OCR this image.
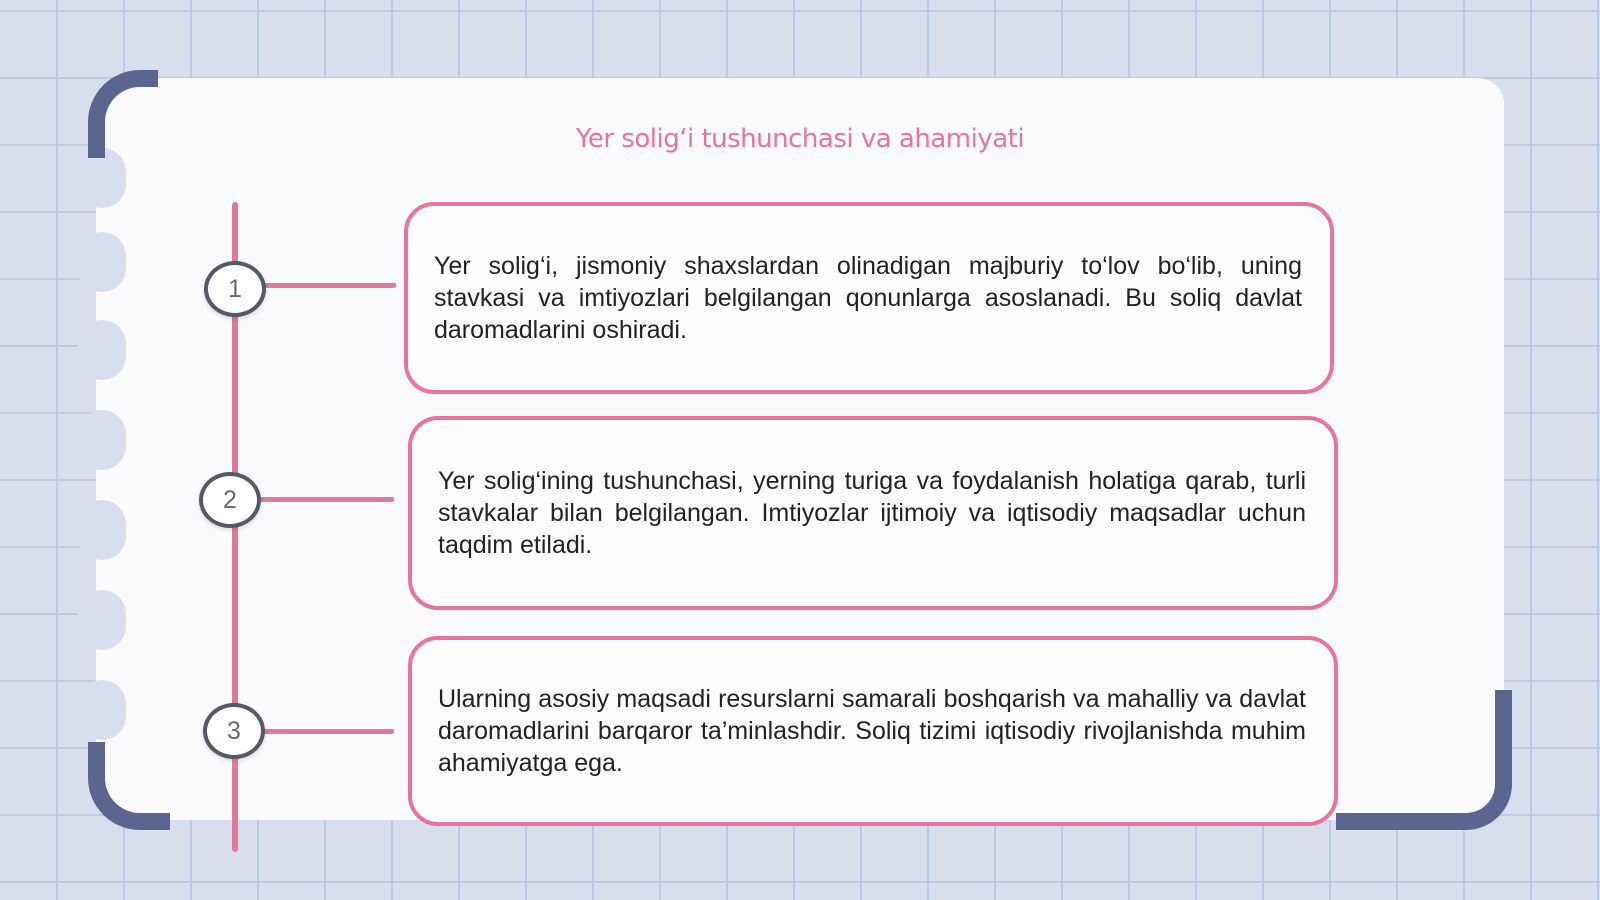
Yer solig‘i tushunchasi va ahamiyati
1
Yer solig‘i, jismoniy shaxslardan olinadigan majburiy to‘lov bo‘lib, uning stavkasi va imtiyozlari belgilangan qonunlarga asoslanadi. Bu soliq davlat daromadlarini oshiradi.
2
Yer solig‘ining tushunchasi, yerning turiga va foydalanish holatiga qarab, turli stavkalar bilan belgilangan. Imtiyozlar ijtimoiy va iqtisodiy maqsadlar uchun taqdim etiladi.
3
Ularning asosiy maqsadi resurslarni samarali boshqarish va mahalliy va davlat daromadlarini barqaror ta’minlashdir. Soliq tizimi iqtisodiy rivojlanishda muhim ahamiyatga ega.
